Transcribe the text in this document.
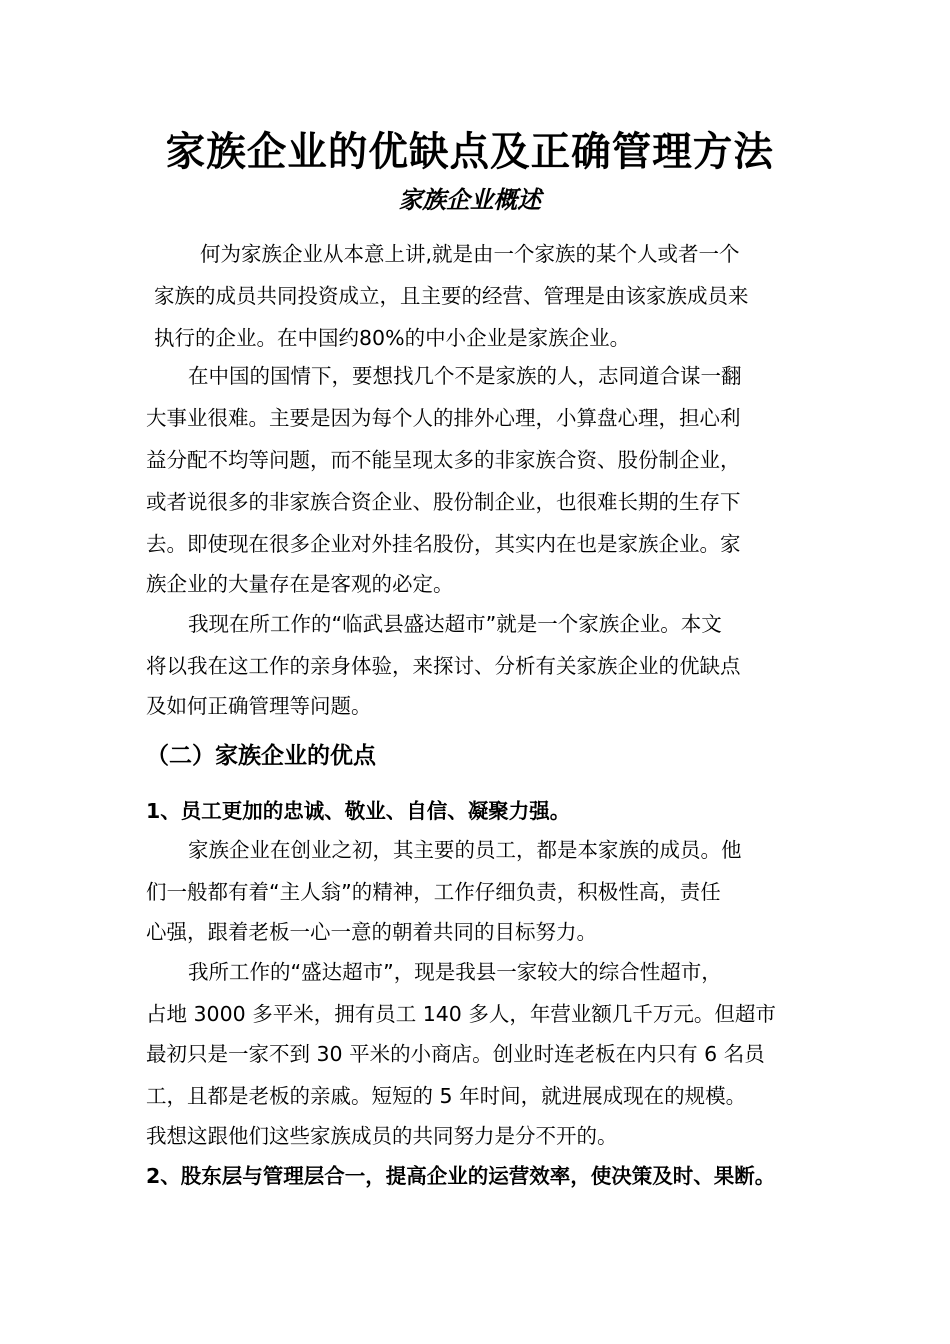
家族企业的优缺点及正确管理方法
家族企业概述
何为家族企业从本意上讲,就是由一个家族的某个人或者一个
家族的成员共同投资成立，且主要的经营、管理是由该家族成员来
执行的企业。在中国约80%的中小企业是家族企业。
在中国的国情下，要想找几个不是家族的人，志同道合谋一翻
大事业很难。主要是因为每个人的排外心理，小算盘心理，担心利
益分配不均等问题，而不能呈现太多的非家族合资、股份制企业，
或者说很多的非家族合资企业、股份制企业，也很难长期的生存下
去。即使现在很多企业对外挂名股份，其实内在也是家族企业。家
族企业的大量存在是客观的必定。
我现在所工作的“临武县盛达超市”就是一个家族企业。本文
将以我在这工作的亲身体验，来探讨、分析有关家族企业的优缺点
及如何正确管理等问题。
（二）家族企业的优点
1、员工更加的忠诚、敬业、自信、凝聚力强。
家族企业在创业之初，其主要的员工，都是本家族的成员。他
们一般都有着“主人翁”的精神，工作仔细负责，积极性高，责任
心强，跟着老板一心一意的朝着共同的目标努力。
我所工作的“盛达超市”，现是我县一家较大的综合性超市，
占地 3000 多平米，拥有员工 140 多人，年营业额几千万元。但超市
最初只是一家不到 30 平米的小商店。创业时连老板在内只有 6 名员
工，且都是老板的亲戚。短短的 5 年时间，就进展成现在的规模。
我想这跟他们这些家族成员的共同努力是分不开的。
2、股东层与管理层合一，提高企业的运营效率，使决策及时、果断。
